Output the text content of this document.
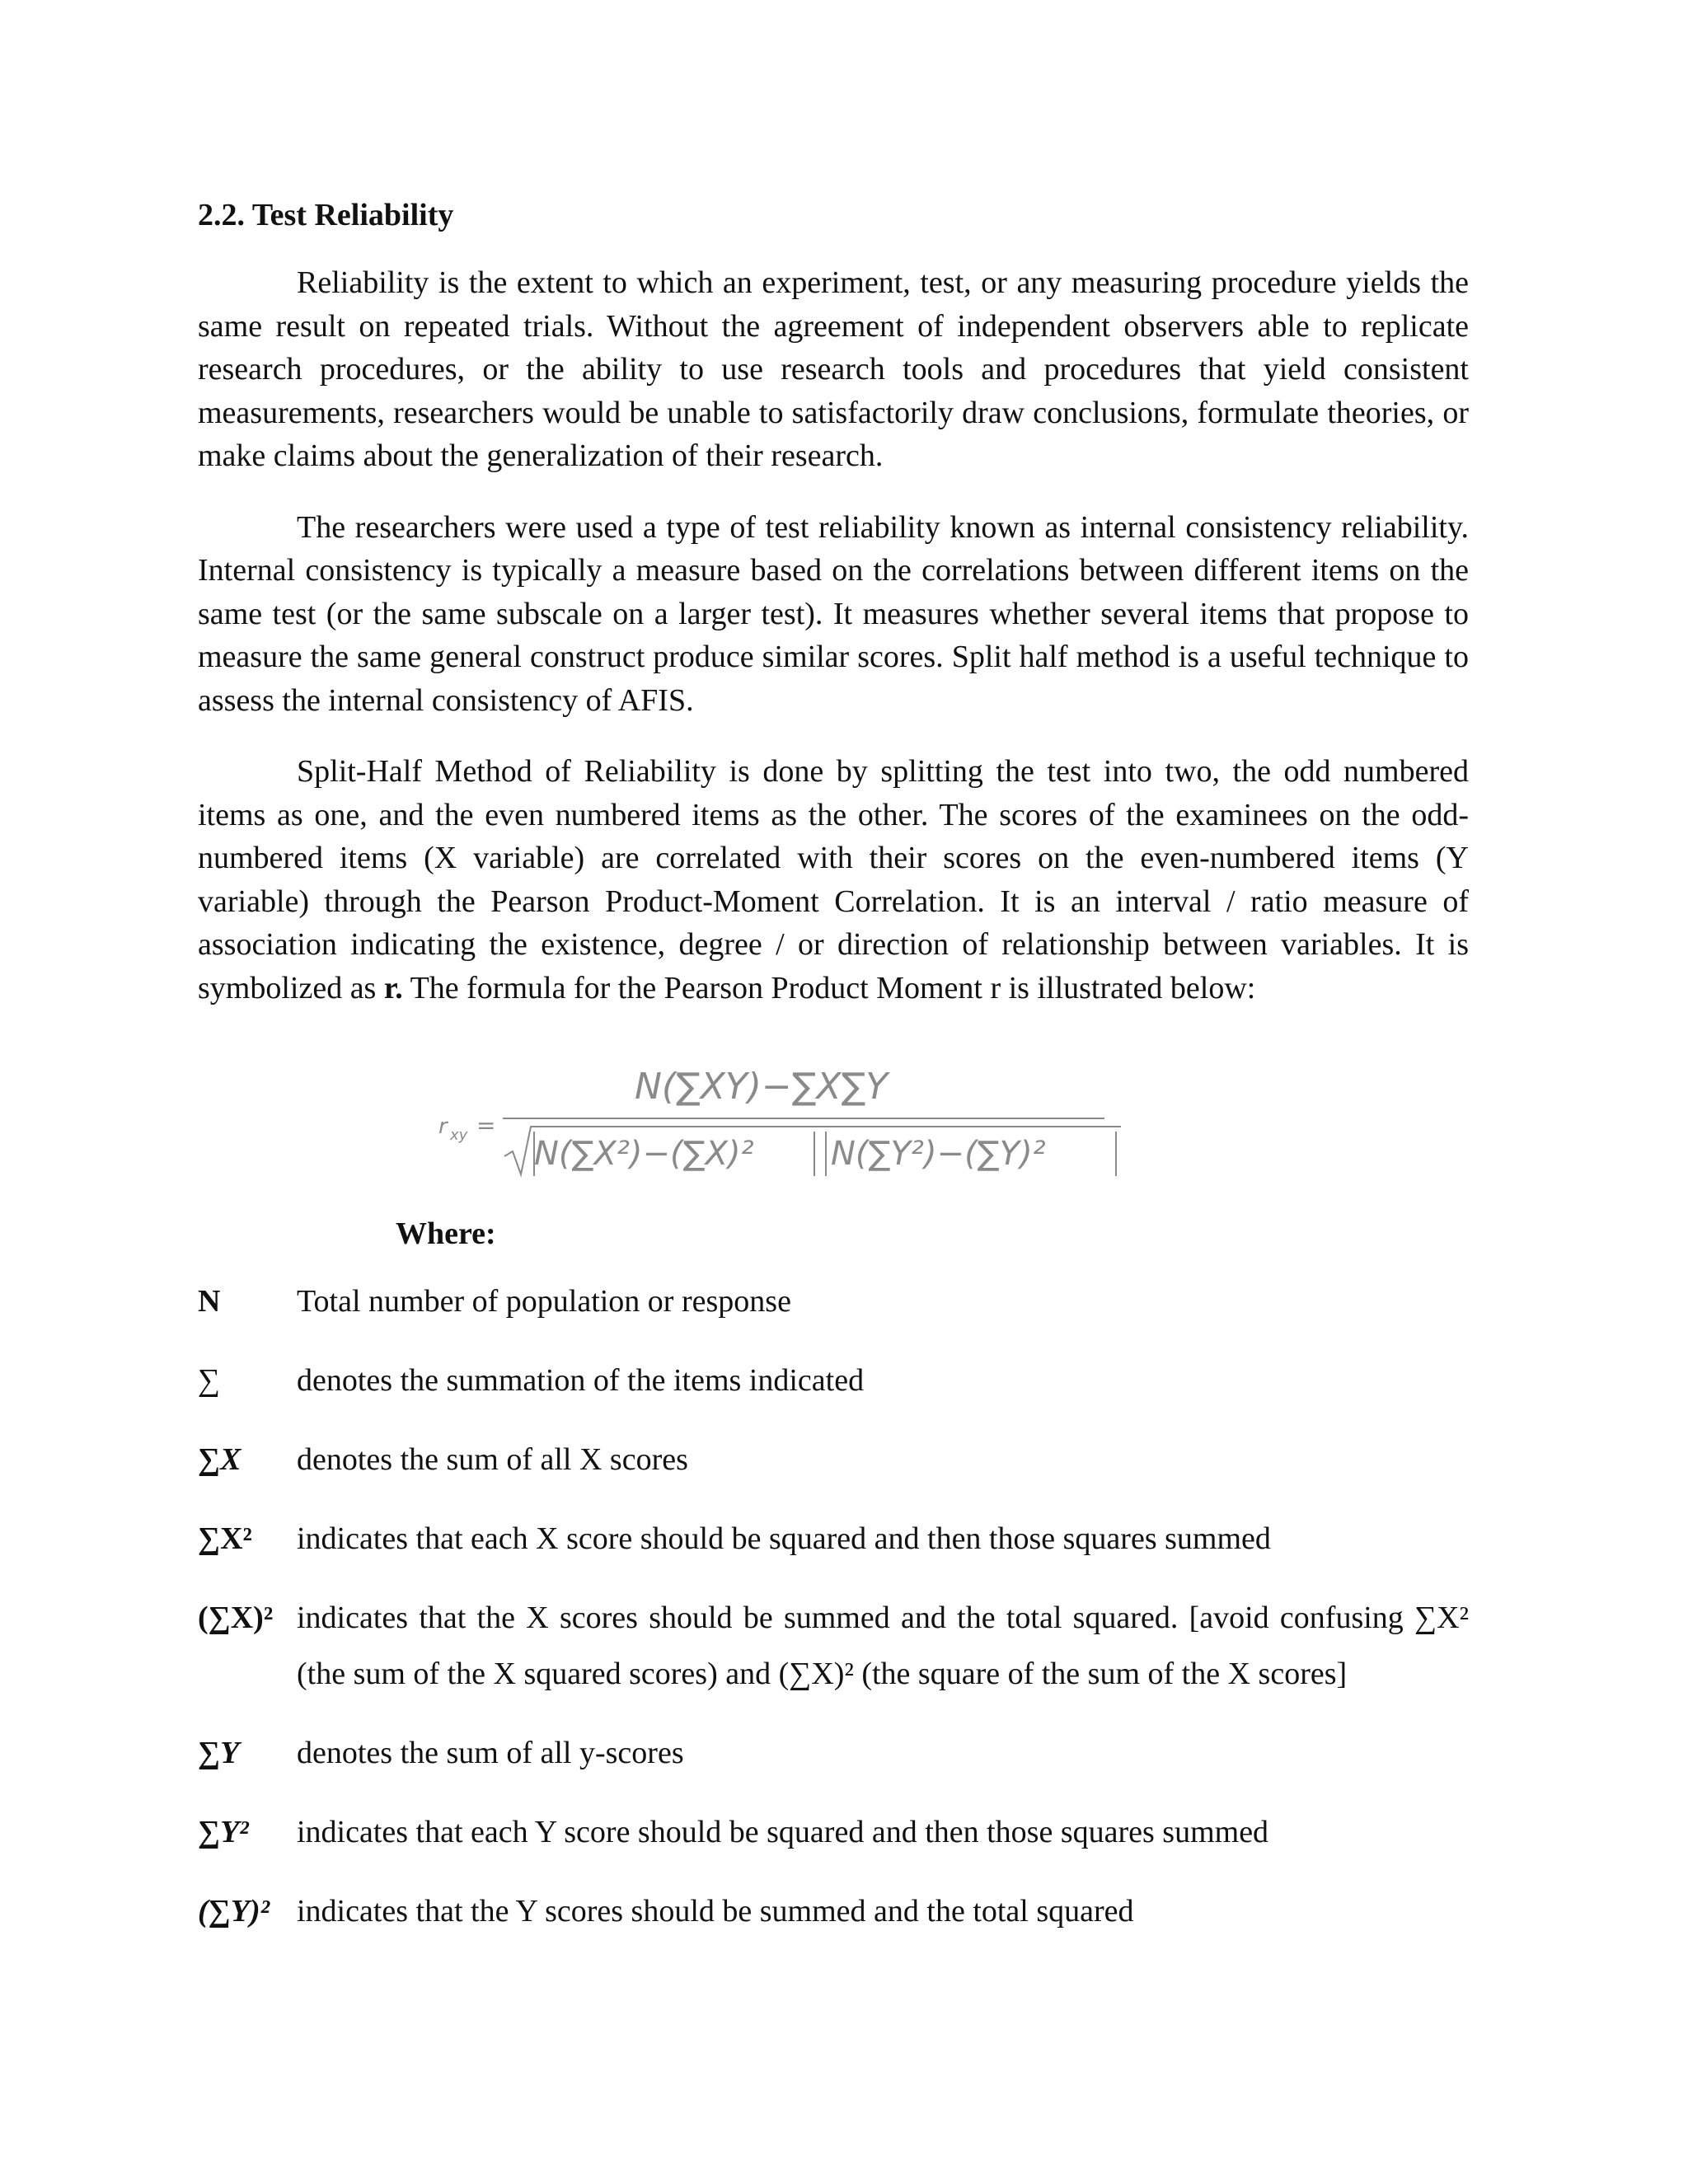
2.2. Test Reliability

Reliability is the extent to which an experiment, test, or any measuring procedure yields the same result on repeated trials. Without the agreement of independent observers able to replicate research procedures, or the ability to use research tools and procedures that yield consistent measurements, researchers would be unable to satisfactorily draw conclusions, formulate theories, or make claims about the generalization of their research.

The researchers were used a type of test reliability known as internal consistency reliability. Internal consistency is typically a measure based on the correlations between different items on the same test (or the same subscale on a larger test). It measures whether several items that propose to measure the same general construct produce similar scores. Split half method is a useful technique to assess the internal consistency of AFIS.

Split-Half Method of Reliability is done by splitting the test into two, the odd numbered items as one, and the even numbered items as the other. The scores of the examinees on the odd-numbered items (X variable) are correlated with their scores on the even-numbered items (Y variable) through the Pearson Product-Moment Correlation. It is an interval / ratio measure of association indicating the existence, degree / or direction of relationship between variables. It is symbolized as r. The formula for the Pearson Product Moment r is illustrated below:

r xy =
N(∑XY)−∑X∑Y
N(∑X²)−(∑X)² N(∑Y²)−(∑Y)²
Where:
N	Total number of population or response
∑	denotes the summation of the items indicated
∑X	denotes the sum of all X scores
∑X²	indicates that each X score should be squared and then those squares summed
(∑X)² indicates that the X scores should be summed and the total squared. [avoid confusing ∑X² (the sum of the X squared scores) and (∑X)² (the square of the sum of the X scores]
∑Y	denotes the sum of all y-scores
∑Y²	indicates that each Y score should be squared and then those squares summed
(∑Y)² indicates that the Y scores should be summed and the total squared
